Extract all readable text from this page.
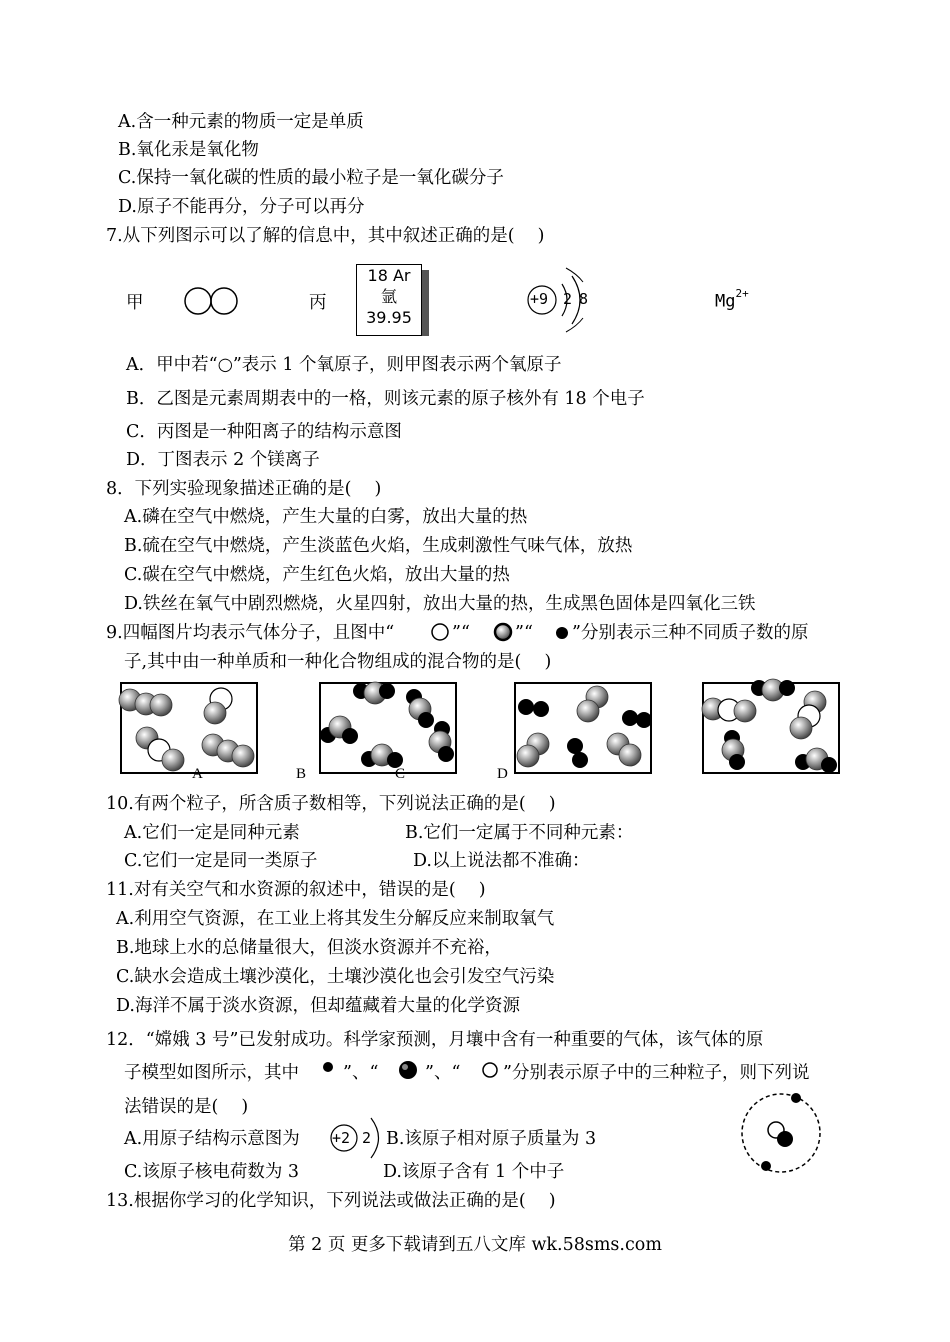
A.含一种元素的物质一定是单质
B.氧化汞是氧化物
C.保持一氧化碳的性质的最小粒子是一氧化碳分子
D.原子不能再分，分子可以再分
7.从下列图示可以了解的信息中，其中叙述正确的是(　 )
甲	丙
18 Ar
氩
39.95
+9 2 8	$Mg^{2+}$
A．甲中若“○”表示 1 个氧原子，则甲图表示两个氧原子
B．乙图是元素周期表中的一格，则该元素的原子核外有 18 个电子
C．丙图是一种阳离子的结构示意图
D．丁图表示 2 个镁离子
8．下列实验现象描述正确的是(　 )
A.磷在空气中燃烧，产生大量的白雾，放出大量的热
B.硫在空气中燃烧，产生淡蓝色火焰，生成刺激性气味气体，放热
C.碳在空气中燃烧，产生红色火焰，放出大量的热
D.铁丝在氧气中剧烈燃烧，火星四射，放出大量的热，生成黑色固体是四氧化三铁
9.四幅图片均表示气体分子，且图中“	”“	”“ ”分别表示三种不同质子数的原
子,其中由一种单质和一种化合物组成的混合物的是(　 )
A	B	C	D
10.有两个粒子，所含质子数相等，下列说法正确的是(　 )
A.它们一定是同种元素	B.它们一定属于不同种元素：
C.它们一定是同一类原子	D.以上说法都不准确：
11.对有关空气和水资源的叙述中，错误的是(　 )
A.利用空气资源，在工业上将其发生分解反应来制取氧气
B.地球上水的总储量很大，但淡水资源并不充裕，
C.缺水会造成土壤沙漠化，土壤沙漠化也会引发空气污染
D.海洋不属于淡水资源，但却蕴藏着大量的化学资源
12．“嫦娥 3 号”已发射成功。科学家预测，月壤中含有一种重要的气体，该气体的原
子模型如图所示，其中	”、“	”、“ ”分别表示原子中的三种粒子，则下列说
法错误的是(　 )
A.用原子结构示意图为 +2 2 B.该原子相对原子质量为 3
C.该原子核电荷数为 3	D.该原子含有 1 个中子
13.根据你学习的化学知识，下列说法或做法正确的是(　 )
第 2 页 更多下载请到五八文库 wk.58sms.com
